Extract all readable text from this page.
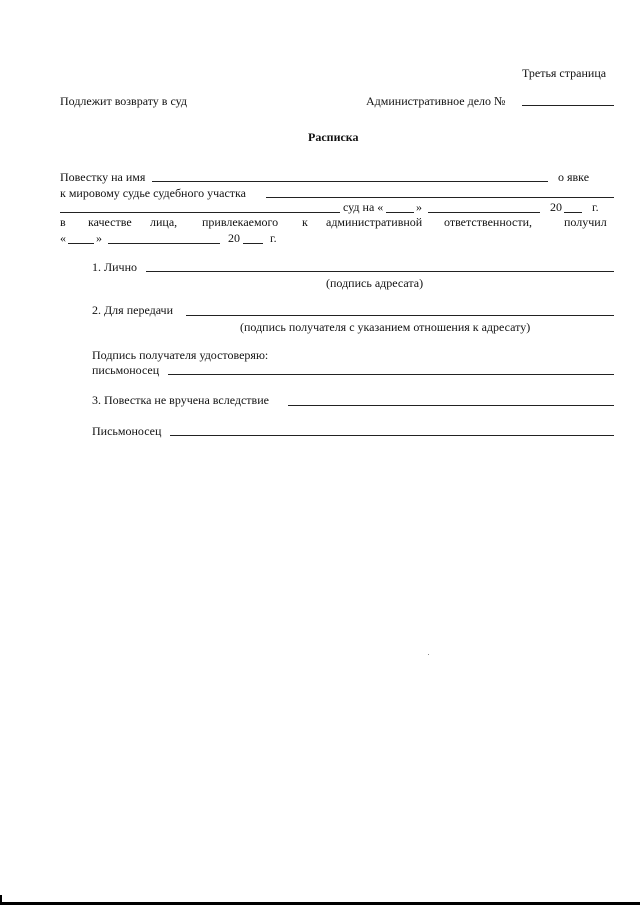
Третья страница
Подлежит возврату в суд	Административное дело №
Расписка
Повестку на имя	о явке
к мировому судье судебного участка
суд на «	»	20	г.
в качестве лица, привлекаемого к административной ответственности,	получил
«	»	20	г.
1. Лично
(подпись адресата)
2. Для передачи
(подпись получателя с указанием отношения к адресату)
Подпись получателя удостоверяю:
письмоносец
3. Повестка не вручена вследствие
Письмоносец
